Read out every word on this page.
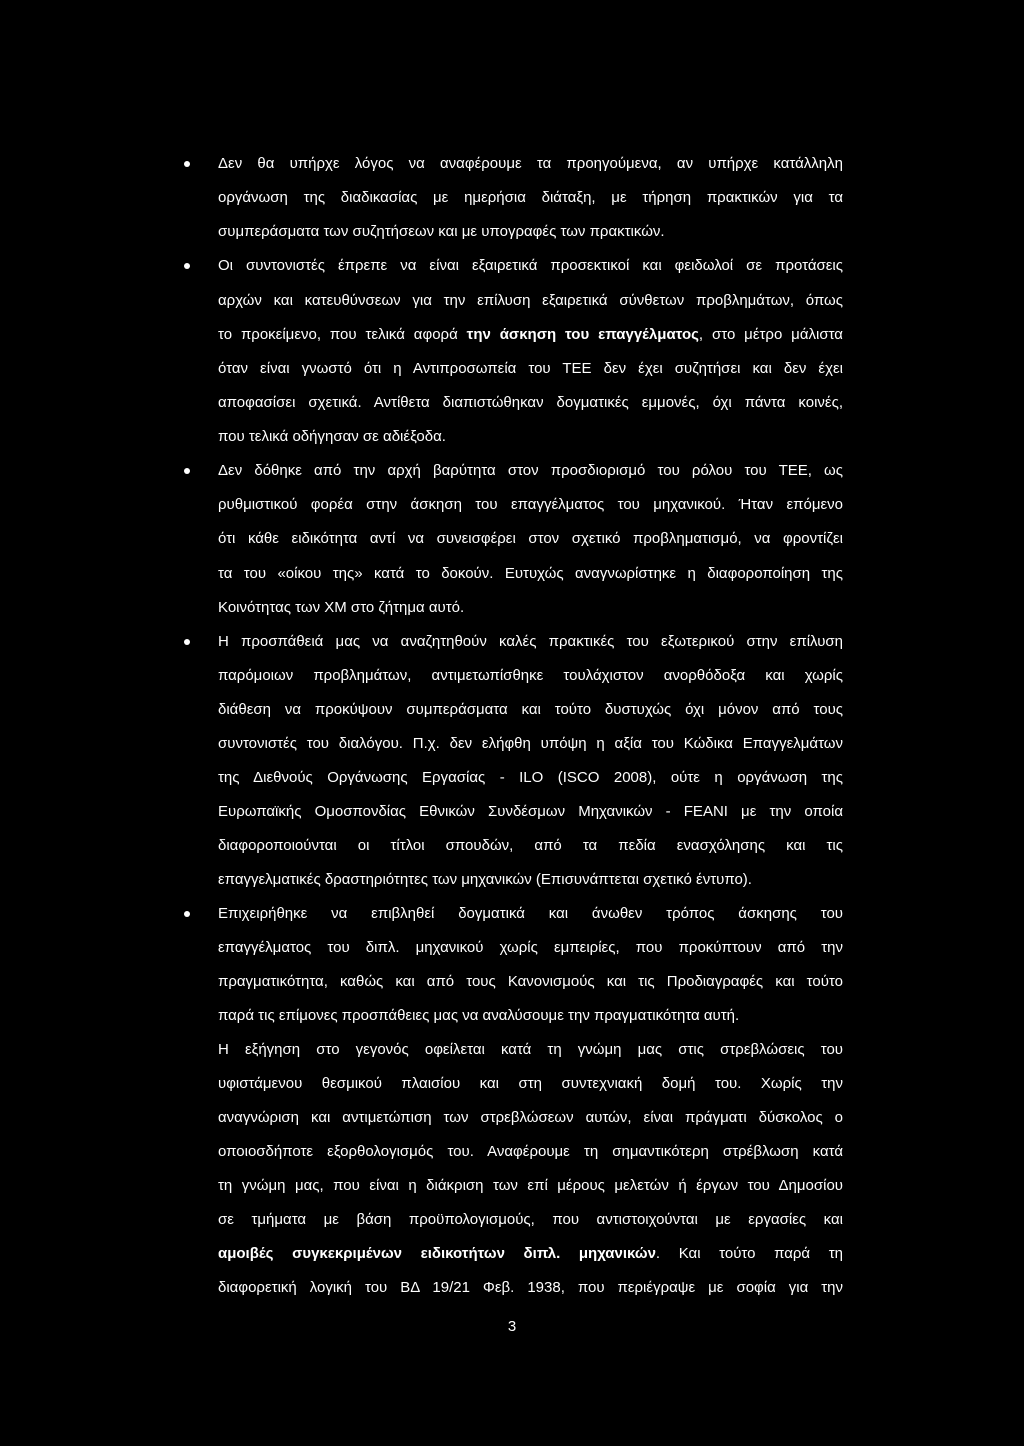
Δεν θα υπήρχε λόγος να αναφέρουμε τα προηγούμενα, αν υπήρχε κατάλληλη
οργάνωση της διαδικασίας με ημερήσια διάταξη, με τήρηση πρακτικών για τα
συμπεράσματα των συζητήσεων και με υπογραφές των πρακτικών.
Οι συντονιστές έπρεπε να είναι εξαιρετικά προσεκτικοί και φειδωλοί σε προτάσεις
αρχών και κατευθύνσεων για την επίλυση εξαιρετικά σύνθετων προβλημάτων, όπως
το προκείμενο, που τελικά αφορά την άσκηση του επαγγέλματος, στο μέτρο μάλιστα
όταν είναι γνωστό ότι η Αντιπροσωπεία του ΤΕΕ δεν έχει συζητήσει και δεν έχει
αποφασίσει σχετικά. Αντίθετα διαπιστώθηκαν δογματικές εμμονές, όχι πάντα κοινές,
που τελικά οδήγησαν σε αδιέξοδα.
Δεν δόθηκε από την αρχή βαρύτητα στον προσδιορισμό του ρόλου του ΤΕΕ, ως
ρυθμιστικού φορέα στην άσκηση του επαγγέλματος του μηχανικού. Ήταν επόμενο
ότι κάθε ειδικότητα αντί να συνεισφέρει στον σχετικό προβληματισμό, να φροντίζει
τα του «οίκου της» κατά το δοκούν. Ευτυχώς αναγνωρίστηκε η διαφοροποίηση της
Κοινότητας των ΧΜ στο ζήτημα αυτό.
Η προσπάθειά μας να αναζητηθούν καλές πρακτικές του εξωτερικού στην επίλυση
παρόμοιων προβλημάτων, αντιμετωπίσθηκε τουλάχιστον ανορθόδοξα και χωρίς
διάθεση να προκύψουν συμπεράσματα και τούτο δυστυχώς όχι μόνον από τους
συντονιστές του διαλόγου. Π.χ. δεν ελήφθη υπόψη η αξία του Κώδικα Επαγγελμάτων
της Διεθνούς Οργάνωσης Εργασίας - ILO (ISCO 2008), ούτε η οργάνωση της
Ευρωπαϊκής Ομοσπονδίας Εθνικών Συνδέσμων Μηχανικών - FEANI με την οποία
διαφοροποιούνται οι τίτλοι σπουδών, από τα πεδία ενασχόλησης και τις
επαγγελματικές δραστηριότητες των μηχανικών (Επισυνάπτεται σχετικό έντυπο).
Επιχειρήθηκε να επιβληθεί δογματικά και άνωθεν τρόπος άσκησης του
επαγγέλματος του διπλ. μηχανικού χωρίς εμπειρίες, που προκύπτουν από την
πραγματικότητα, καθώς και από τους Κανονισμούς και τις Προδιαγραφές και τούτο
παρά τις επίμονες προσπάθειες μας να αναλύσουμε την πραγματικότητα αυτή.
Η εξήγηση στο γεγονός οφείλεται κατά τη γνώμη μας στις στρεβλώσεις του
υφιστάμενου θεσμικού πλαισίου και στη συντεχνιακή δομή του. Χωρίς την
αναγνώριση και αντιμετώπιση των στρεβλώσεων αυτών, είναι πράγματι δύσκολος ο
οποιοσδήποτε εξορθολογισμός του. Αναφέρουμε τη σημαντικότερη στρέβλωση κατά
τη γνώμη μας, που είναι η διάκριση των επί μέρους μελετών ή έργων του Δημοσίου
σε τμήματα με βάση προϋπολογισμούς, που αντιστοιχούνται με εργασίες και
αμοιβές συγκεκριμένων ειδικοτήτων διπλ. μηχανικών. Και τούτο παρά τη
διαφορετική λογική του ΒΔ 19/21 Φεβ. 1938, που περιέγραψε με σοφία για την
3
